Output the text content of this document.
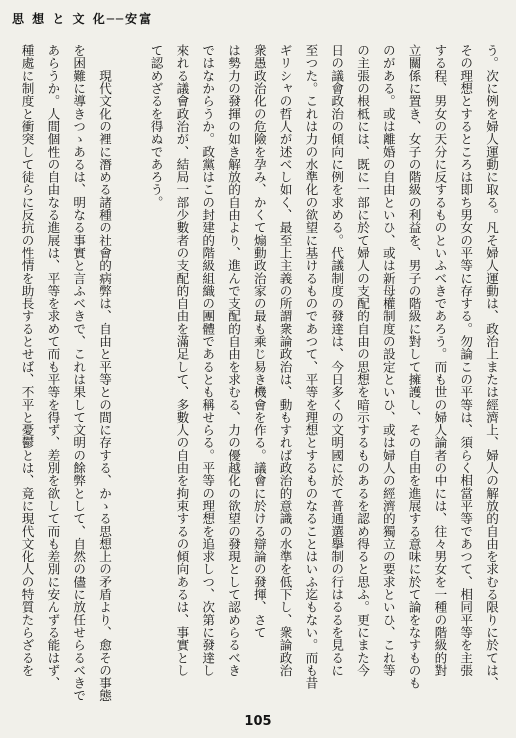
思 想 と 文 化──安富
う。次に例を婦人運動に取る。凡そ婦人運動は、政治上または經濟上、婦人の解放的自由を求むる限りに於ては、
その理想とするところは即ち男女の平等に存する。勿論この平等は、須らく相當平等であつて、相同平等を主張
する程、男女の天分に反するものといふべきであろう。而も世の婦人論者の中には、往々男女を一種の階級的對
立關係に置き、女子の階級の利益を、男子の階級に對して擁護し、その自由を進展する意味に於て論をなすものも
のがある。或は離婚の自由といひ、或は新母權制度の設定といひ、或は婦人の經濟的獨立の要求といひ、これ等
の主張の根柢には、既に一部に於て婦人の支配的自由の思想を暗示するものあるを認め得ると思ふ。更にまた今
日の議會政治の傾向に例を求める。代議制度の發達は、今日多くの文明國に於て普通選擧制の行はるるを見るに
至つた。これは力の水準化の欲望に基けるものであつて、平等を理想とするものなることはいふ迄もない。而も昔
ギリシャの哲人が述べし如く、最至上主義の所謂衆論政治は、動もすれば政治的意識の水準を低下し、衆論政治
衆愚政治化の危險を孕み、かくて煽動政治家の最も乘じ易き機會を作る。議會に於ける辯論の發揮、さて
は勢力の發揮の如き解放的自由より、進んで支配的自由を求むる、力の優越化の欲望の發現として認めらるべき
ではなからうか。政黨はこの封建的階級組織の團體であるとも稱せらる。平等の理想を追求しつ、次第に發達し
來れる議會政治が、結局一部少數者の支配的自由を滿足して、多數人の自由を拘束するの傾向あるは、事實とし
て認めざるを得ぬであろう。
　　現代文化の裡に潛める諸種の社會的病弊は、自由と平等との間に存する、かゝる思想上の矛盾より、愈その事態
を困難に導きつゝあるは、明なる事實と言ふべきで、これは果して文明の餘弊として、自然の儘に放任せらるべきで
あらうか。人間個性の自由なる進展は、平等を求めて而も平等を得ず、差別を欲して而も差別に安んずる能はず、
種處に制度と衝突して徒らに反抗の性情を助長するとせば、不平と憂鬱とは、竟に現代文化人の特質たらざるを
105
